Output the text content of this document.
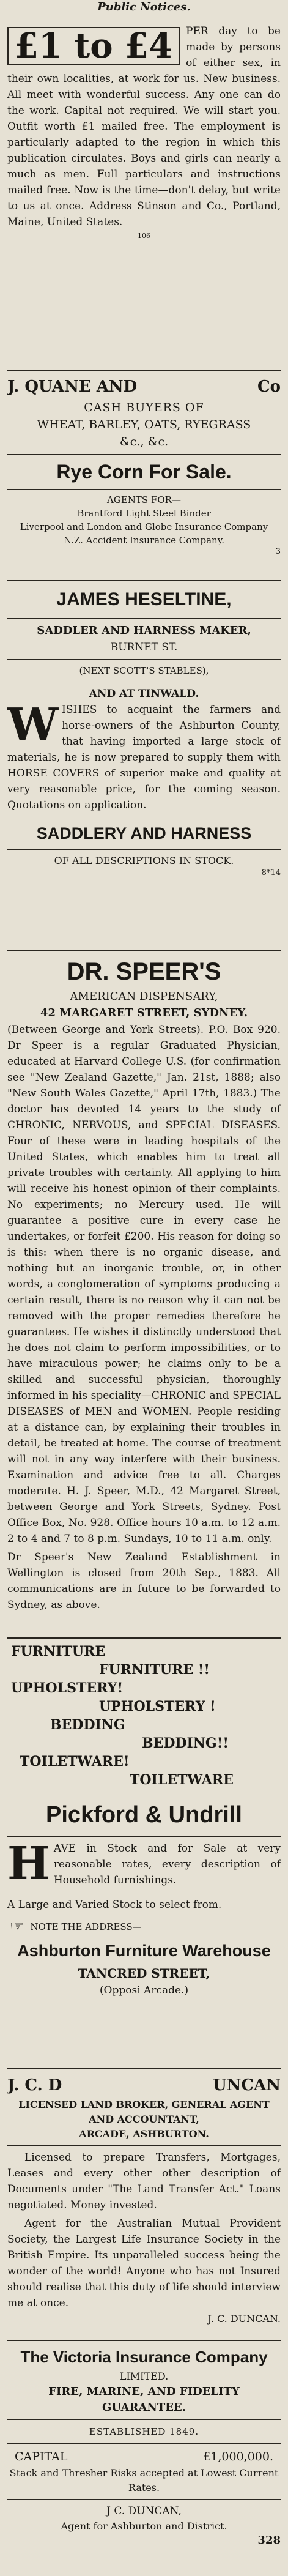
Public Notices.
£1 to £4	PER day to be made by persons of either sex, in their own localities, at work for us. New business. All meet with wonderful success. Any one can do the work. Capital not required. We will start you. Outfit worth £1 mailed free. The employment is particularly adapted to the region in which this publication circulates. Boys and girls can nearly a much as men. Full particulars and instructions mailed free. Now is the time—don't delay, but write to us at once. Address Stinson and Co., Portland, Maine, United States.

106

J. QUANE AND	Co

CASH BUYERS OF

WHEAT, BARLEY, OATS, RYEGRASS

&c., &c.

Rye Corn For Sale.

AGENTS FOR—

Brantford Light Steel Binder

Liverpool and London and Globe Insurance Company

N.Z. Accident Insurance Company.

3

JAMES HESELTINE,

SADDLER AND HARNESS MAKER,

BURNET ST.

(NEXT SCOTT'S STABLES),

AND AT TINWALD.

W ISHES to acquaint the farmers and horse-owners of the Ashburton County, that having imported a large stock of materials, he is now prepared to supply them with HORSE COVERS of superior make and quality at very reasonable price, for the coming season. Quotations on application.

SADDLERY AND HARNESS

OF ALL DESCRIPTIONS IN STOCK.

8*14

DR. SPEER'S

AMERICAN DISPENSARY,

42 MARGARET STREET, SYDNEY.

(Between George and York Streets). P.O. Box 920. Dr Speer is a regular Graduated Physician, educated at Harvard College U.S. (for confirmation see "New Zealand Gazette," Jan. 21st, 1888; also "New South Wales Gazette," April 17th, 1883.) The doctor has devoted 14 years to the study of CHRONIC, NERVOUS, and SPECIAL DISEASES. Four of these were in leading hospitals of the United States, which enables him to treat all private troubles with certainty. All applying to him will receive his honest opinion of their complaints. No experiments; no Mercury used. He will guarantee a positive cure in every case he undertakes, or forfeit £200. His reason for doing so is this: when there is no organic disease, and nothing but an inorganic trouble, or, in other words, a conglomeration of symptoms producing a certain result, there is no reason why it can not be removed with the proper remedies therefore he guarantees. He wishes it distinctly understood that he does not claim to perform impossibilities, or to have miraculous power; he claims only to be a skilled and successful physician, thoroughly informed in his speciality—CHRONIC and SPECIAL DISEASES of MEN and WOMEN. People residing at a distance can, by explaining their troubles in detail, be treated at home. The course of treatment will not in any way interfere with their business. Examination and advice free to all. Charges moderate. H. J. Speer, M.D., 42 Margaret Street, between George and York Streets, Sydney. Post Office Box, No. 928. Office hours 10 a.m. to 12 a.m. 2 to 4 and 7 to 8 p.m. Sundays, 10 to 11 a.m. only.

Dr Speer's New Zealand Establishment in Wellington is closed from 20th Sep., 1883. All communications are in future to be forwarded to Sydney, as above.

FURNITURE
FURNITURE !!
UPHOLSTERY!
UPHOLSTERY !
BEDDING
BEDDING!!
TOILETWARE!
TOILETWARE

Pickford & Undrill

H AVE in Stock and for Sale at very reasonable rates, every description of Household furnishings.

A Large and Varied Stock to select from.

☞ NOTE THE ADDRESS—

Ashburton Furniture Warehouse

TANCRED STREET,

(Opposi Arcade.)

J. C. D	UNCAN

LICENSED LAND BROKER, GENERAL AGENT AND ACCOUNTANT,

ARCADE, ASHBURTON.

Licensed to prepare Transfers, Mortgages, Leases and every other other description of Documents under "The Land Transfer Act." Loans negotiated. Money invested.

Agent for the Australian Mutual Provident Society, the Largest Life Insurance Society in the British Empire. Its unparalleled success being the wonder of the world! Anyone who has not Insured should realise that this duty of life should interview me at once.

J. C. DUNCAN.

The Victoria Insurance Company

LIMITED.

FIRE, MARINE, AND FIDELITY GUARANTEE.

ESTABLISHED 1849.

CAPITAL	£1,000,000.

Stack and Thresher Risks accepted at Lowest Current Rates.

J C. DUNCAN,

Agent for Ashburton and District.

328
